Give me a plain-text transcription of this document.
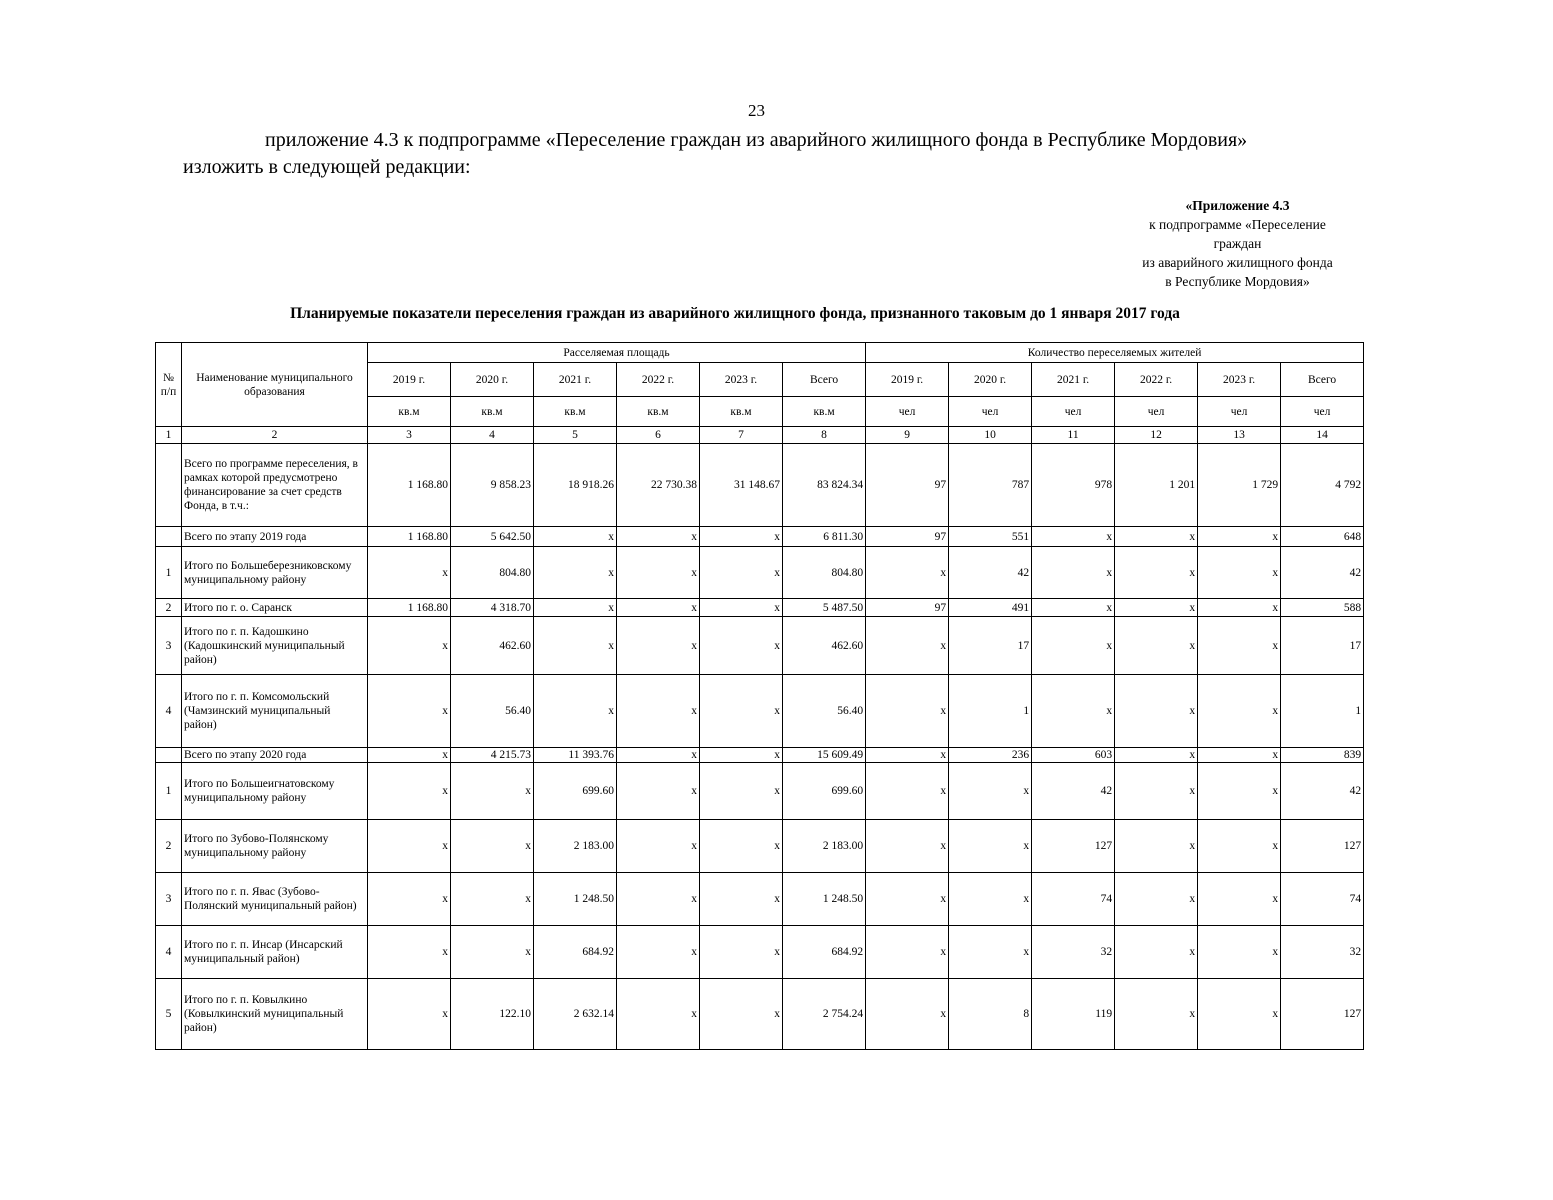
23
приложение 4.3 к подпрограмме «Переселение граждан из аварийного жилищного фонда в Республике Мордовия»
изложить в следующей редакции:
«Приложение 4.3
к подпрограмме «Переселение
граждан
из аварийного жилищного фонда
в Республике Мордовия»
Планируемые показатели переселения граждан из аварийного жилищного фонда, признанного таковым до 1 января 2017 года
№ п/п	Наименование муниципального образования	Расселяемая площадь						Количество переселяемых жителей					
		2019 г.	2020 г.	2021 г.	2022 г.	2023 г.	Всего	2019 г.	2020 г.	2021 г.	2022 г.	2023 г.	Всего
		кв.м	кв.м	кв.м	кв.м	кв.м	кв.м	чел	чел	чел	чел	чел	чел
1	2	3	4	5	6	7	8	9	10	11	12	13	14
	Всего по программе переселения, в рамках которой предусмотрено финансирование за счет средств Фонда, в т.ч.:	1 168.80	9 858.23	18 918.26	22 730.38	31 148.67	83 824.34	97	787	978	1 201	1 729	4 792
	Всего по этапу 2019 года	1 168.80	5 642.50	х	х	х	6 811.30	97	551	х	х	х	648
1	Итого по Большеберезниковскому муниципальному району	х	804.80	х	х	х	804.80	х	42	х	х	х	42
2	Итого по г. о. Саранск	1 168.80	4 318.70	х	х	х	5 487.50	97	491	х	х	х	588
3	Итого по г. п. Кадошкино (Кадошкинский муниципальный район)	х	462.60	х	х	х	462.60	х	17	х	х	х	17
4	Итого по г. п. Комсомольский (Чамзинский муниципальный район)	х	56.40	х	х	х	56.40	х	1	х	х	х	1
	Всего по этапу 2020 года	х	4 215.73	11 393.76	х	х	15 609.49	х	236	603	х	х	839
1	Итого по Большеигнатовскому муниципальному району	х	х	699.60	х	х	699.60	х	х	42	х	х	42
2	Итого по Зубово-Полянскому муниципальному району	х	х	2 183.00	х	х	2 183.00	х	х	127	х	х	127
3	Итого по г. п. Явас (Зубово-Полянский муниципальный район)	х	х	1 248.50	х	х	1 248.50	х	х	74	х	х	74
4	Итого по г. п. Инсар (Инсарский муниципальный район)	х	х	684.92	х	х	684.92	х	х	32	х	х	32
5	Итого по г. п. Ковылкино (Ковылкинский муниципальный район)	х	122.10	2 632.14	х	х	2 754.24	х	8	119	х	х	127
